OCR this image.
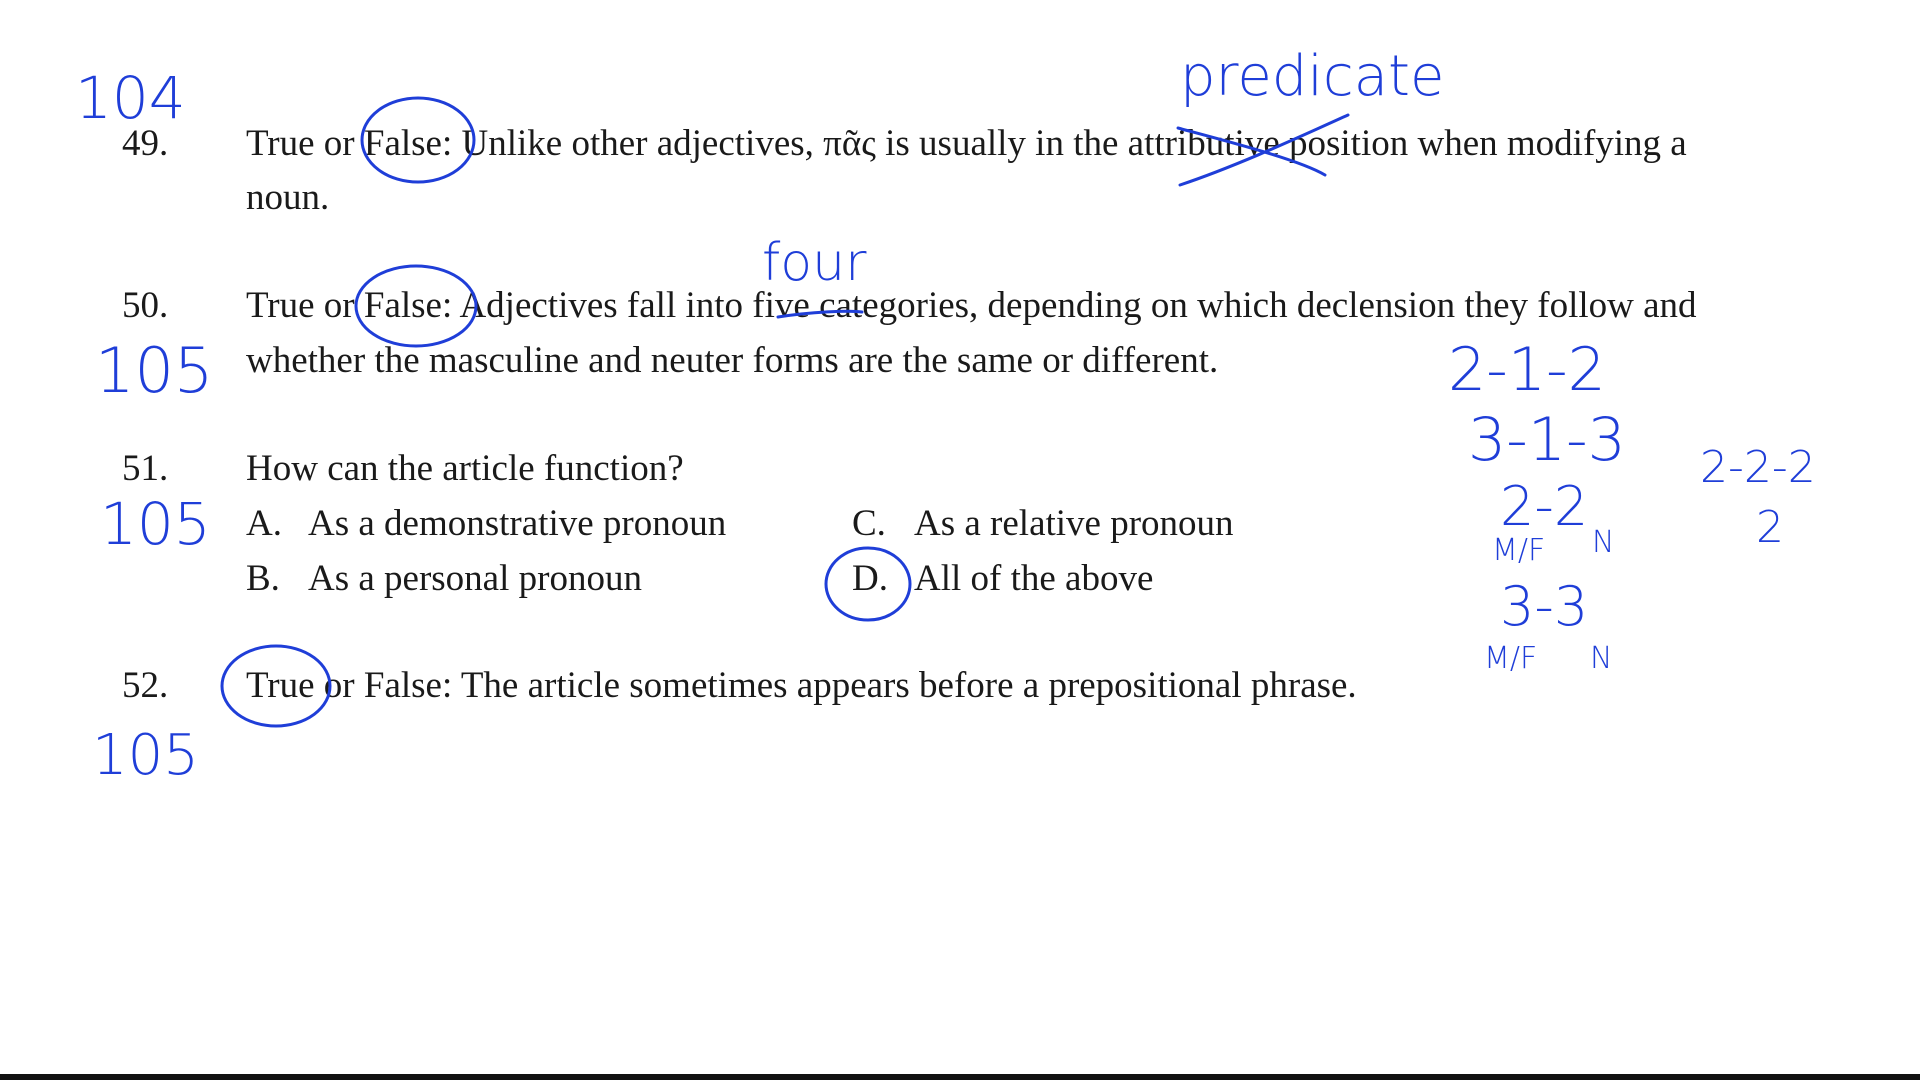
49. True or False: Unlike other adjectives, πᾶς is usually in the attributive position when modifying a
noun.
50. True or False: Adjectives fall into five categories, depending on which declension they follow and
whether the masculine and neuter forms are the same or different.
51. How can the article function?
A. As a demonstrative pronoun
B. As a personal pronoun
C. As a relative pronoun
D. All of the above
52. True or False: The article sometimes appears before a prepositional phrase.
104
105
105
105
predicate
four
2-1-2
3-1-3
2-2
M/F N
3-3
M/F N
2-2-2
2
